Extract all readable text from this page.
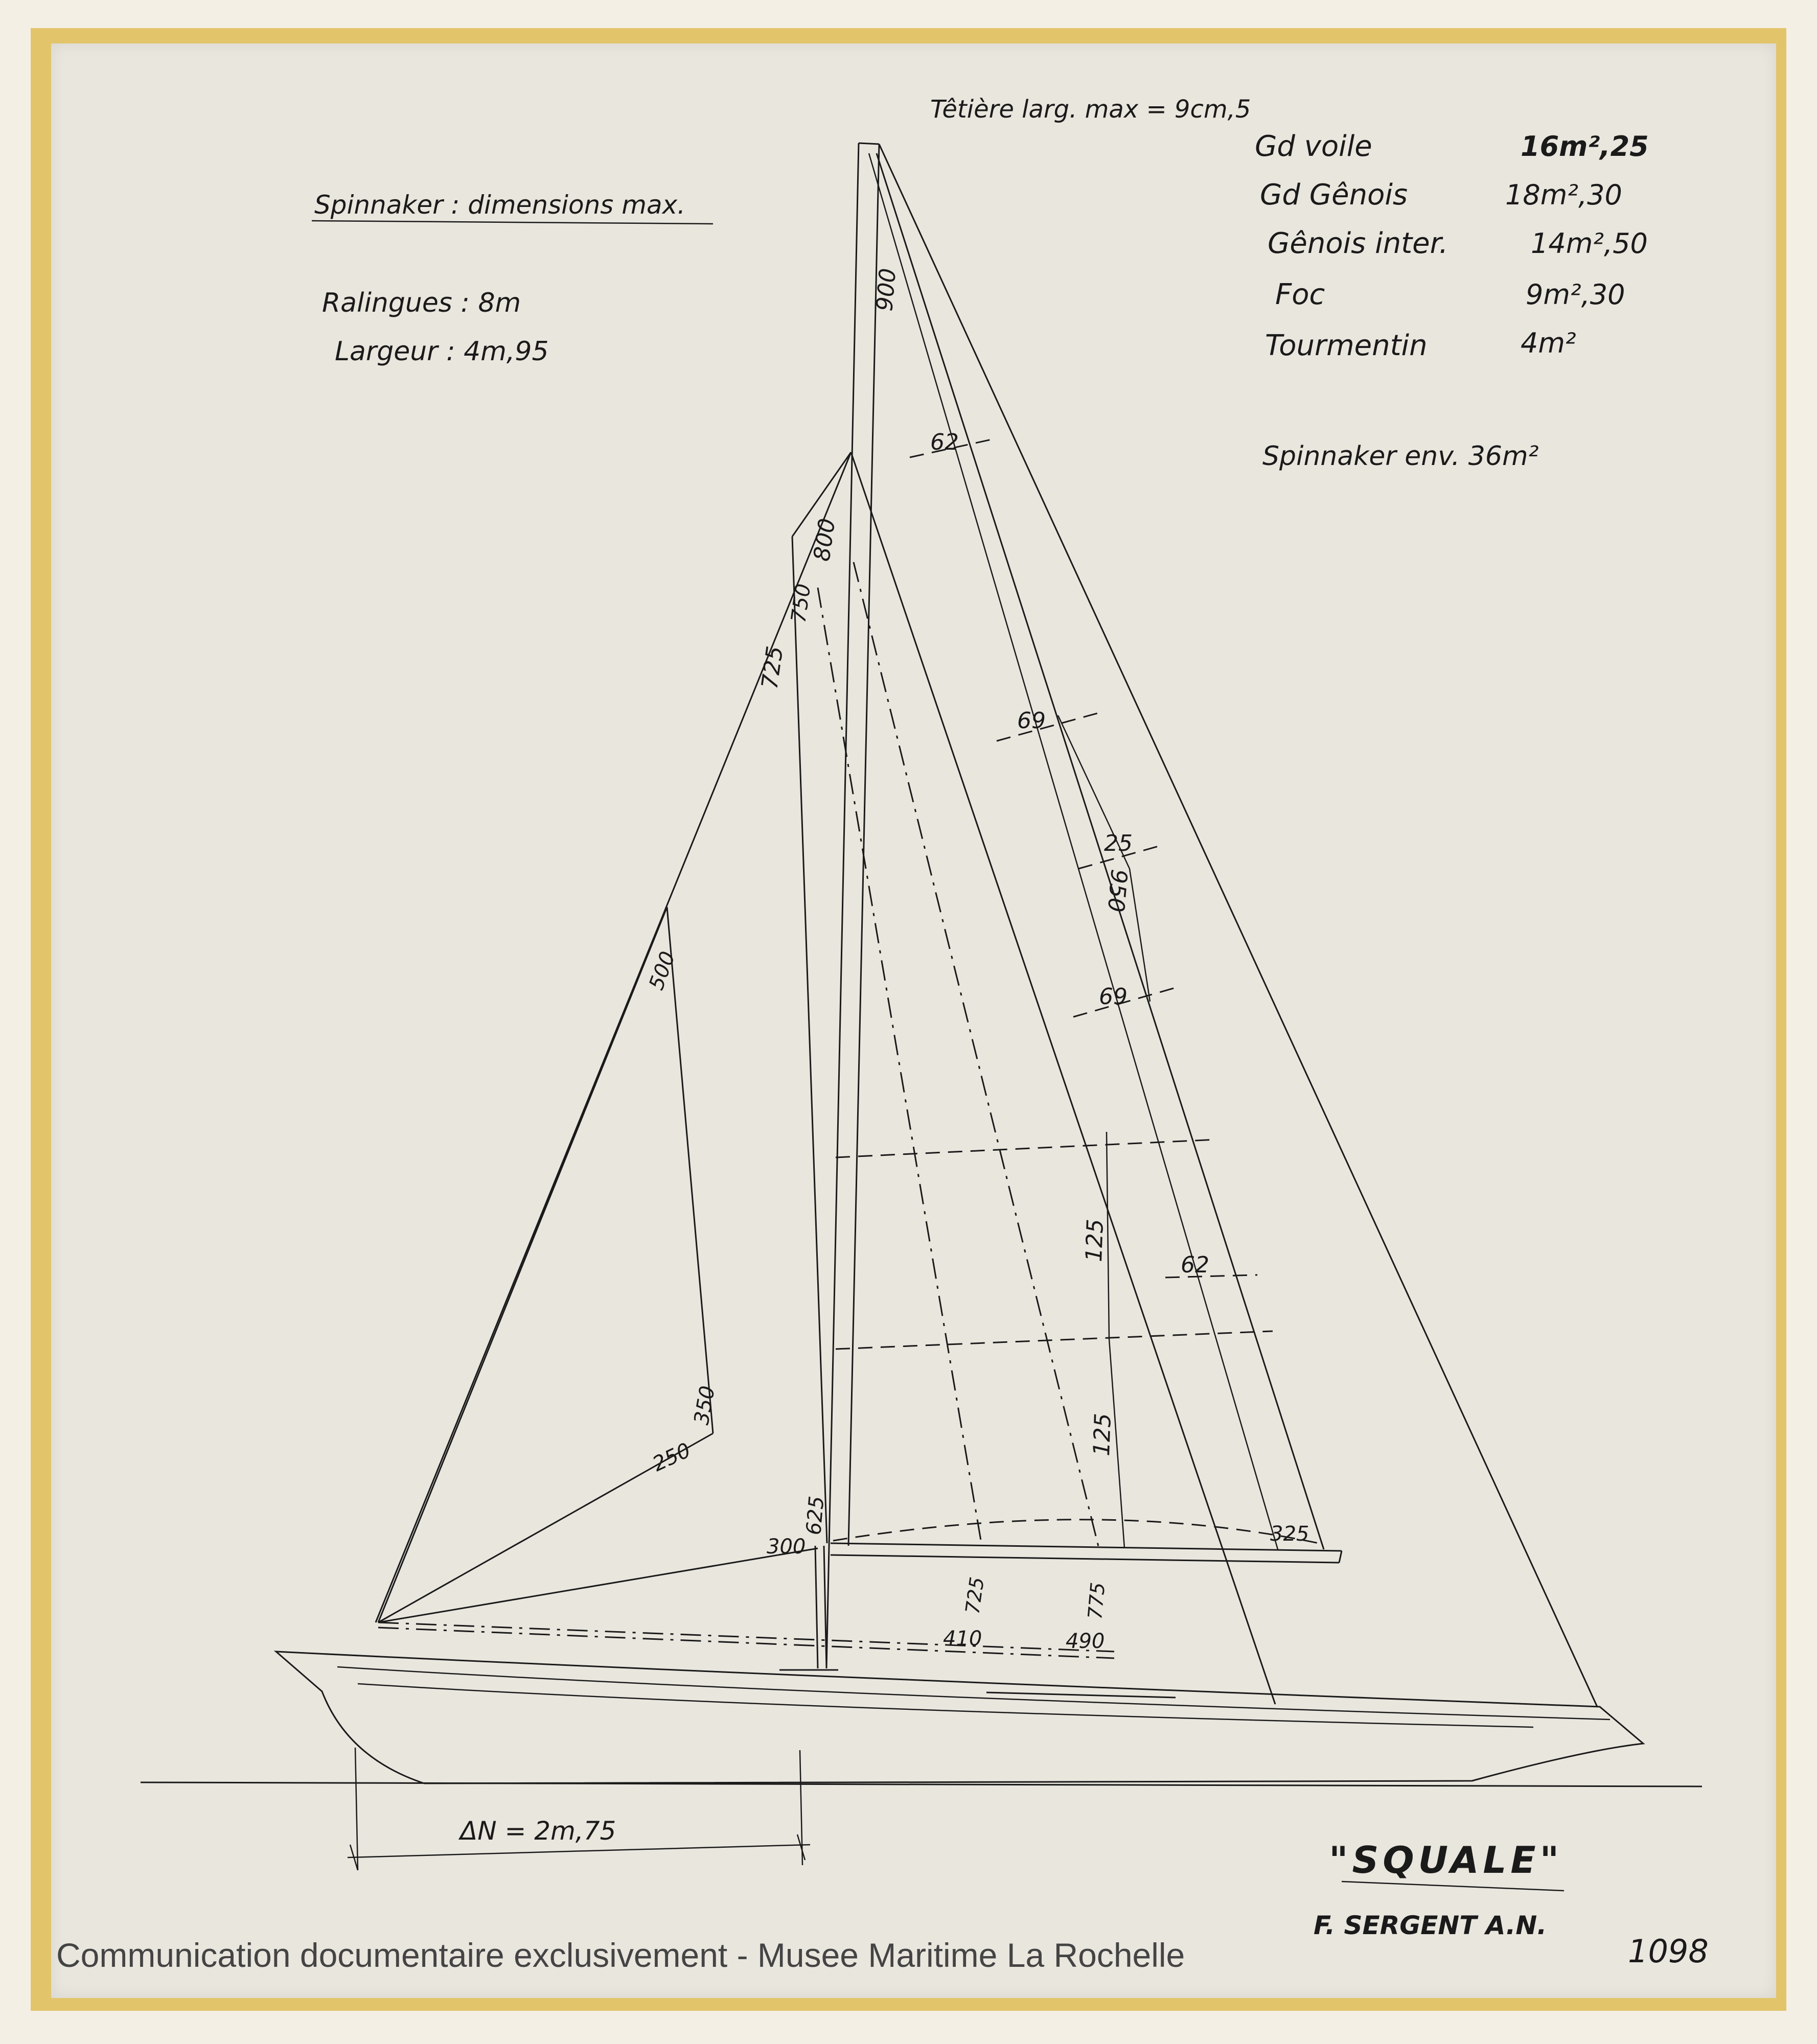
Têtière larg. max = 9cm,5
Spinnaker : dimensions max.
Ralingues : 8m
Largeur : 4m,95
Gd voile	16m²,25
Gd Gênois	18m²,30
Gênois inter.	14m²,50
Foc	9m²,30
Tourmentin	4m²
Spinnaker env. 36m²
900
62
800
750
725
69
25
950
69
125
62
125
500
350
250
625
300
325
410
725
490
775
ΔN = 2m,75
"SQUALE"
F. SERGENT A.N.
1098
Communication documentaire exclusivement - Musee Maritime La Rochelle
